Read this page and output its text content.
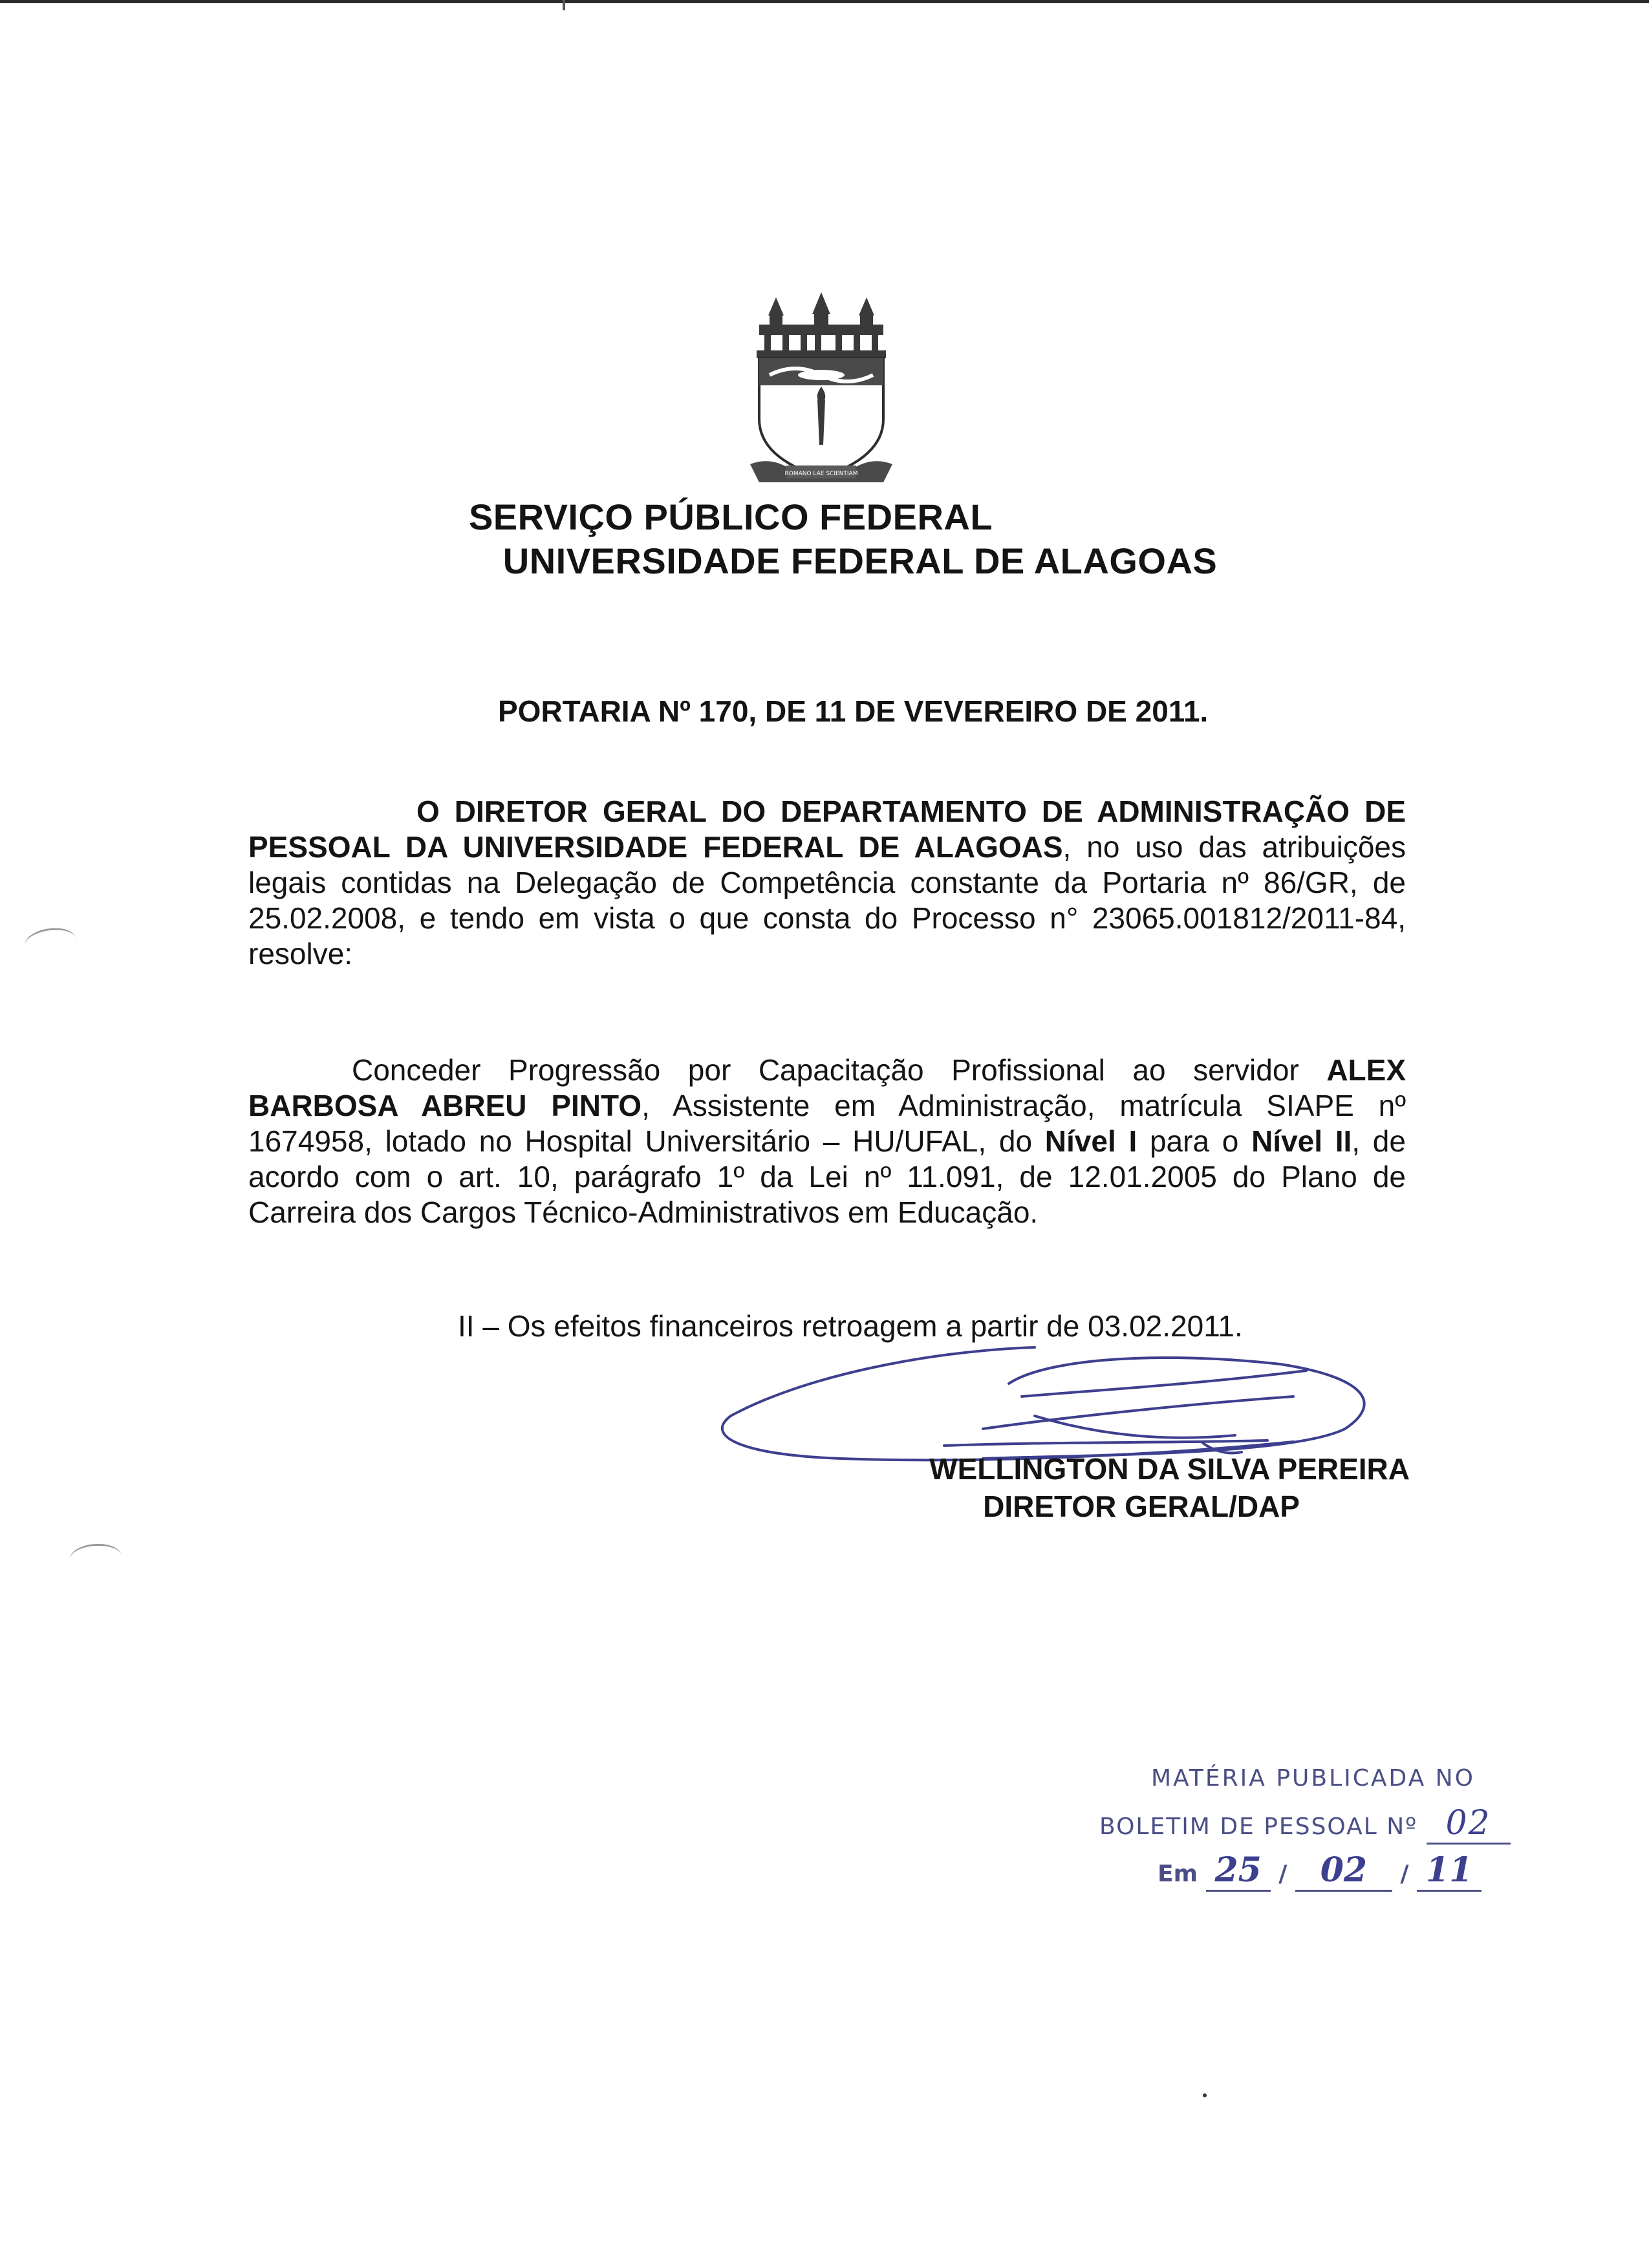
ROMANO LAE SCIENTIAM
SERVIÇO PÚBLICO FEDERAL
UNIVERSIDADE FEDERAL DE ALAGOAS
PORTARIA Nº 170, DE 11 DE VEVEREIRO DE 2011.

O DIRETOR GERAL DO DEPARTAMENTO DE ADMINISTRAÇÃO DE PESSOAL DA UNIVERSIDADE FEDERAL DE ALAGOAS, no uso das atribuições legais contidas na Delegação de Competência constante da Portaria nº 86/GR, de 25.02.2008, e tendo em vista o que consta do Processo n° 23065.001812/2011-84, resolve:

Conceder Progressão por Capacitação Profissional ao servidor ALEX BARBOSA ABREU PINTO, Assistente em Administração, matrícula SIAPE nº 1674958, lotado no Hospital Universitário – HU/UFAL, do Nível I para o Nível II, de acordo com o art. 10, parágrafo 1º da Lei nº 11.091, de 12.01.2005 do Plano de Carreira dos Cargos Técnico-Administrativos em Educação.

II – Os efeitos financeiros retroagem a partir de 03.02.2011.
WELLINGTON DA SILVA PEREIRA
DIRETOR GERAL/DAP
MATÉRIA PUBLICADA NO
BOLETIM DE PESSOAL Nº 02
Em 25 / 02 / 11
